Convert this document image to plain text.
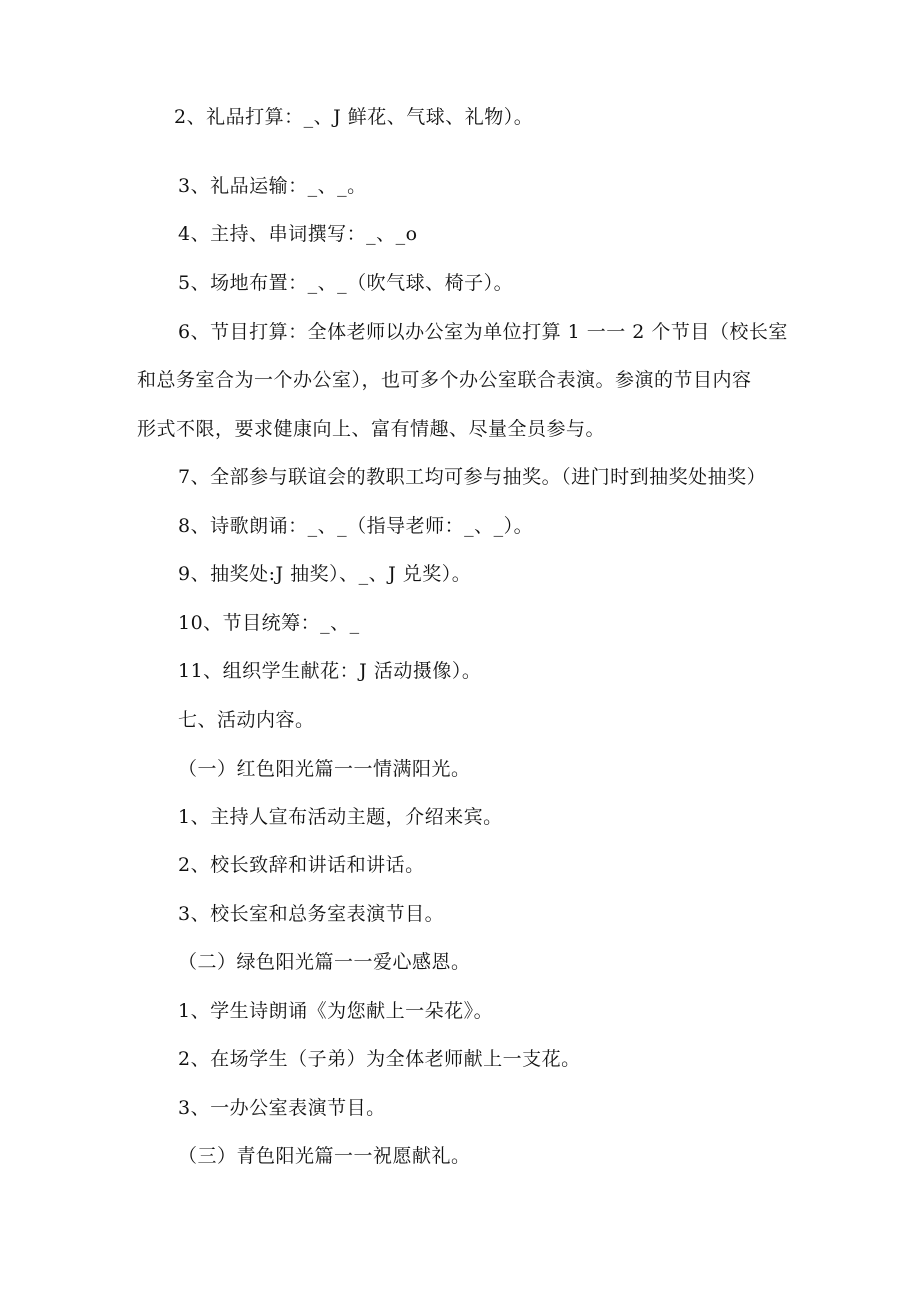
2、礼品打算：_、J 鲜花、气球、礼物）。
3、礼品运输：_、_。
4、主持、串词撰写：_、_o
5、场地布置：_、_（吹气球、椅子）。
6、节目打算：全体老师以办公室为单位打算 1 一一 2 个节目（校长室
和总务室合为一个办公室），也可多个办公室联合表演。参演的节目内容
形式不限，要求健康向上、富有情趣、尽量全员参与。
7、全部参与联谊会的教职工均可参与抽奖。（进门时到抽奖处抽奖）
8、诗歌朗诵：_、_（指导老师：_、_）。
9、抽奖处:J 抽奖）、_、J 兑奖）。
10、节目统筹：_、_
11、组织学生献花：J 活动摄像）。
七、活动内容。
（一）红色阳光篇一一情满阳光。
1、主持人宣布活动主题，介绍来宾。
2、校长致辞和讲话和讲话。
3、校长室和总务室表演节目。
（二）绿色阳光篇一一爱心感恩。
1、学生诗朗诵《为您献上一朵花》。
2、在场学生（子弟）为全体老师献上一支花。
3、一办公室表演节目。
（三）青色阳光篇一一祝愿献礼。
